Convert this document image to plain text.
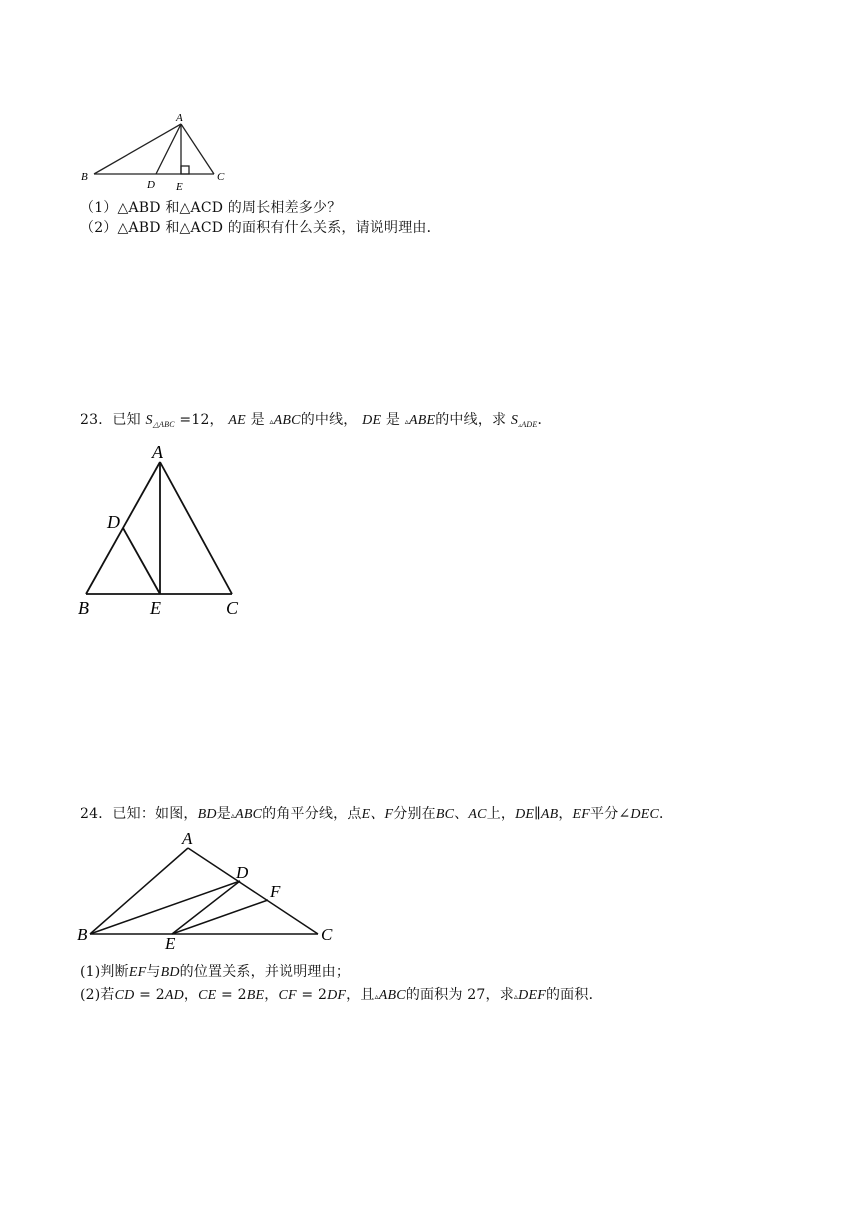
A
B
D E
C
（1）△ABD 和△ACD 的周长相差多少？
（2）△ABD 和△ACD 的面积有什么关系，请说明理由．
23．已知 $S_{\triangle ABC} =12$， AE 是 ▵ABC的中线， DE 是 ▵ABE的中线，求 $S_{▵ADE}$．
A
D
B	E	C
24．已知：如图，BD是▵ABC的角平分线，点E、F分别在BC、AC上，DE∥AB，EF平分∠DEC．
A
D
F
B	E	C
(1)判断EF与BD的位置关系，并说明理由；
(2)若CD = 2AD，CE = 2BE，CF = 2DF，且▵ABC的面积为 27，求▵DEF的面积．
